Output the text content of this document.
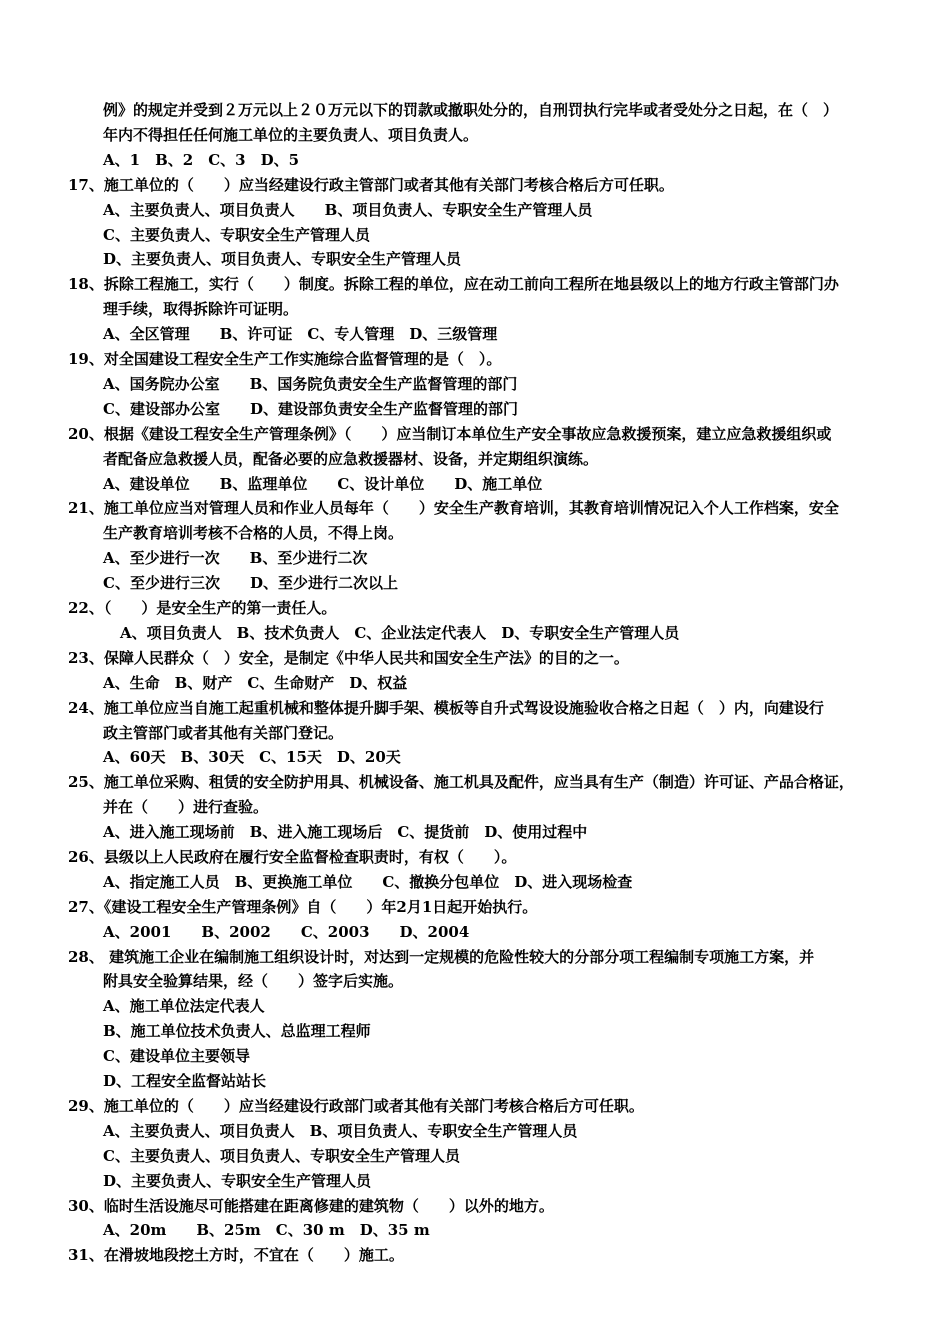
例》的规定并受到２万元以上２０万元以下的罚款或撤职处分的，自刑罚执行完毕或者受处分之日起，在（　）
年内不得担任任何施工单位的主要负责人、项目负责人。
A、1　B、2　C、3　D、5
17、施工单位的（　　）应当经建设行政主管部门或者其他有关部门考核合格后方可任职。
A、主要负责人、项目负责人　　B、项目负责人、专职安全生产管理人员
C、主要负责人、专职安全生产管理人员
D、主要负责人、项目负责人、专职安全生产管理人员
18、拆除工程施工，实行（　　）制度。拆除工程的单位，应在动工前向工程所在地县级以上的地方行政主管部门办
理手续，取得拆除许可证明。
A、全区管理　　B、许可证　C、专人管理　D、三级管理
19、对全国建设工程安全生产工作实施综合监督管理的是（　）。
A、国务院办公室　　B、国务院负责安全生产监督管理的部门
C、建设部办公室　　D、建设部负责安全生产监督管理的部门
20、根据《建设工程安全生产管理条例》（　　）应当制订本单位生产安全事故应急救援预案，建立应急救援组织或
者配备应急救援人员，配备必要的应急救援器材、设备，并定期组织演练。
A、建设单位　　B、监理单位　　C、设计单位　　D、施工单位
21、施工单位应当对管理人员和作业人员每年（　　）安全生产教育培训，其教育培训情况记入个人工作档案，安全
生产教育培训考核不合格的人员，不得上岗。
A、至少进行一次　　B、至少进行二次
C、至少进行三次　　D、至少进行二次以上
22、（　　）是安全生产的第一责任人。
A、项目负责人　B、技术负责人　C、企业法定代表人　D、专职安全生产管理人员
23、保障人民群众（　）安全，是制定《中华人民共和国安全生产法》的目的之一。
A、生命　B、财产　C、生命财产　D、权益
24、施工单位应当自施工起重机械和整体提升脚手架、模板等自升式驾设设施验收合格之日起（　）内，向建设行
政主管部门或者其他有关部门登记。
A、60天　B、30天　C、15天　D、20天
25、施工单位采购、租赁的安全防护用具、机械设备、施工机具及配件，应当具有生产（制造）许可证、产品合格证，
并在（　　）进行查验。
A、进入施工现场前　B、进入施工现场后　C、提货前　D、使用过程中
26、县级以上人民政府在履行安全监督检查职责时，有权（　　）。
A、指定施工人员　B、更换施工单位　　C、撤换分包单位　D、进入现场检查
27、《建设工程安全生产管理条例》自（　　）年2月1日起开始执行。
A、2001　　B、2002　　C、2003　　D、2004
28、 建筑施工企业在编制施工组织设计时，对达到一定规模的危险性较大的分部分项工程编制专项施工方案，并
附具安全验算结果，经（　　）签字后实施。
A、施工单位法定代表人
B、施工单位技术负责人、总监理工程师
C、建设单位主要领导
D、工程安全监督站站长
29、施工单位的（　　）应当经建设行政部门或者其他有关部门考核合格后方可任职。
A、主要负责人、项目负责人　B、项目负责人、专职安全生产管理人员
C、主要负责人、项目负责人、专职安全生产管理人员
D、主要负责人、专职安全生产管理人员
30、临时生活设施尽可能搭建在距离修建的建筑物（　　）以外的地方。
A、20m　　B、25m　C、30 m　D、35 m
31、在滑坡地段挖土方时，不宜在（　　）施工。
